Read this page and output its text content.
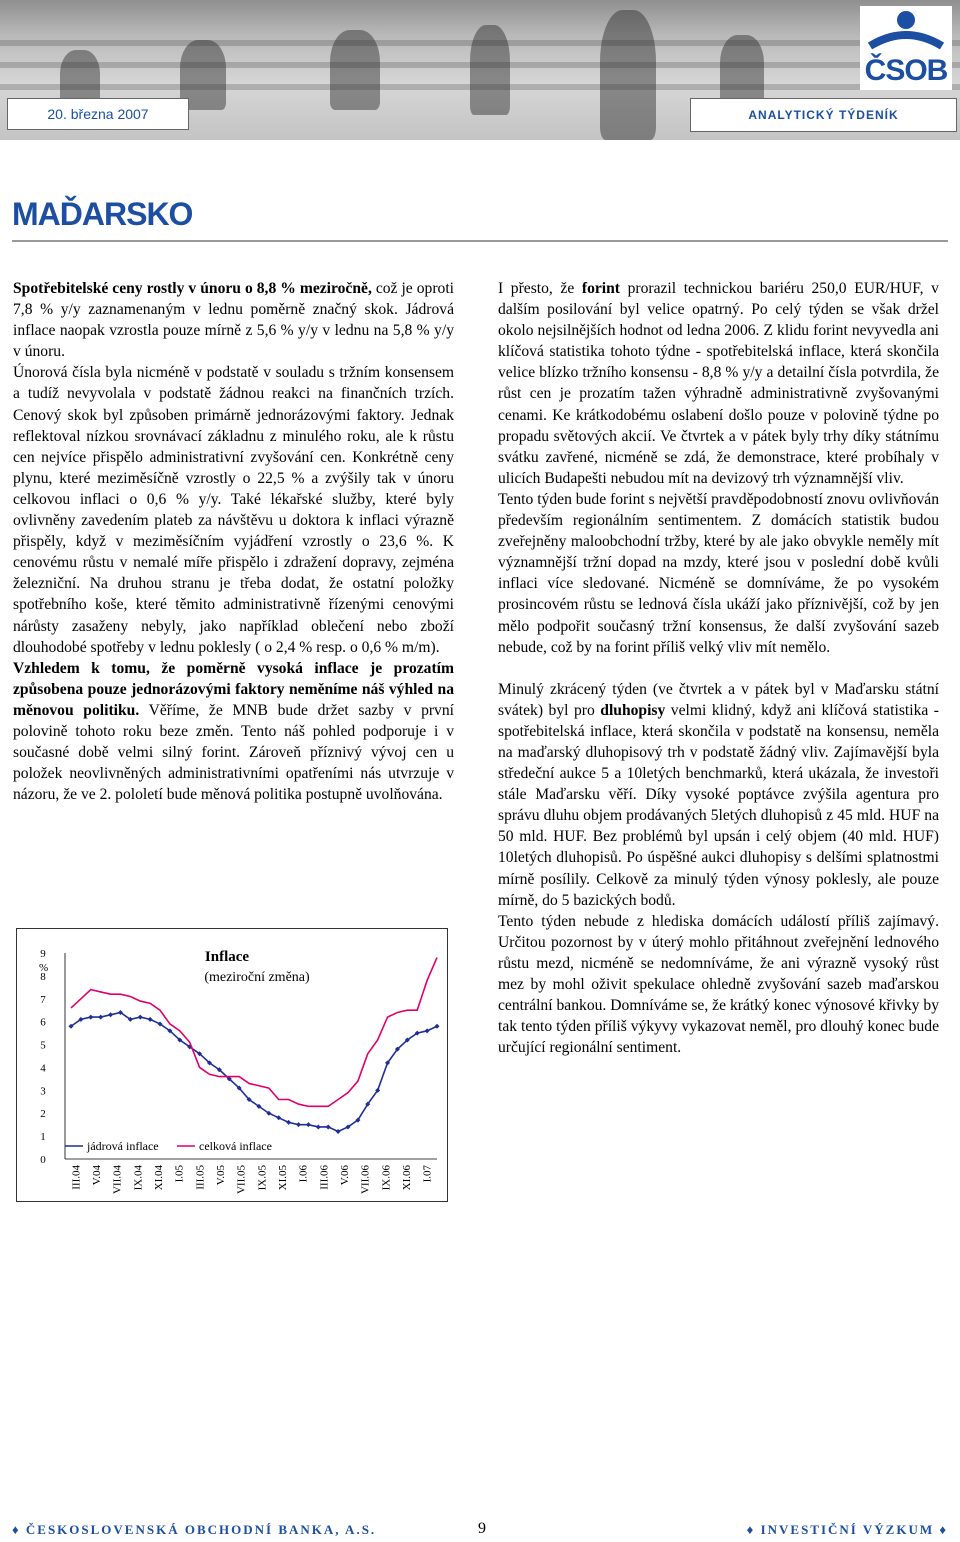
20. března 2007
ČSOB
ANALYTICKÝ TÝDENÍK
MAĎARSKO

Spotřebitelské ceny rostly v únoru o 8,8 % meziročně, což je oproti 7,8 % y/y zaznamenaným v lednu poměrně značný skok. Jádrová inflace naopak vzrostla pouze mírně z 5,6 % y/y v lednu na 5,8 % y/y v únoru.

Únorová čísla byla nicméně v podstatě v souladu s tržním konsensem a tudíž nevyvolala v podstatě žádnou reakci na finančních trzích. Cenový skok byl způsoben primárně jednorázovými faktory. Jednak reflektoval nízkou srovnávací základnu z minulého roku, ale k růstu cen nejvíce přispělo administrativní zvyšování cen. Konkrétně ceny plynu, které meziměsíčně vzrostly o 22,5 % a zvýšily tak v únoru celkovou inflaci o 0,6 % y/y. Také lékařské služby, které byly ovlivněny zavedením plateb za návštěvu u doktora k inflaci výrazně přispěly, když v meziměsíčním vyjádření vzrostly o 23,6 %. K cenovému růstu v nemalé míře přispělo i zdražení dopravy, zejména železniční. Na druhou stranu je třeba dodat, že ostatní položky spotřebního koše, které těmito administrativně řízenými cenovými nárůsty zasaženy nebyly, jako například oblečení nebo zboží dlouhodobé spotřeby v lednu poklesly ( o 2,4 % resp. o 0,6 % m/m).

Vzhledem k tomu, že poměrně vysoká inflace je prozatím způsobena pouze jednorázovými faktory neměníme náš výhled na měnovou politiku. Věříme, že MNB bude držet sazby v první polovině tohoto roku beze změn. Tento náš pohled podporuje i v současné době velmi silný forint. Zároveň příznivý vývoj cen u položek neovlivněných administrativními opatřeními nás utvrzuje v názoru, že ve 2. pololetí bude měnová politika postupně uvolňována.

I přesto, že forint prorazil technickou bariéru 250,0 EUR/HUF, v dalším posilování byl velice opatrný. Po celý týden se však držel okolo nejsilnějších hodnot od ledna 2006. Z klidu forint nevyvedla ani klíčová statistika tohoto týdne - spotřebitelská inflace, která skončila velice blízko tržního konsensu - 8,8 % y/y a detailní čísla potvrdila, že růst cen je prozatím tažen výhradně administrativně zvyšovanými cenami. Ke krátkodobému oslabení došlo pouze v polovině týdne po propadu světových akcií. Ve čtvrtek a v pátek byly trhy díky státnímu svátku zavřené, nicméně se zdá, že demonstrace, které probíhaly v ulicích Budapešti nebudou mít na devizový trh významnější vliv.

Tento týden bude forint s největší pravděpodobností znovu ovlivňován především regionálním sentimentem. Z domácích statistik budou zveřejněny maloobchodní tržby, které by ale jako obvykle neměly mít významnější tržní dopad na mzdy, které jsou v poslední době kvůli inflaci více sledované. Nicméně se domníváme, že po vysokém prosincovém růstu se lednová čísla ukáží jako příznivější, což by jen mělo podpořit současný tržní konsensus, že další zvyšování sazeb nebude, což by na forint příliš velký vliv mít nemělo.

Minulý zkrácený týden (ve čtvrtek a v pátek byl v Maďarsku státní svátek) byl pro dluhopisy velmi klidný, když ani klíčová statistika - spotřebitelská inflace, která skončila v podstatě na konsensu, neměla na maďarský dluhopisový trh v podstatě žádný vliv. Zajímavější byla středeční aukce 5 a 10letých benchmarků, která ukázala, že investoři stále Maďarsku věří. Díky vysoké poptávce zvýšila agentura pro správu dluhu objem prodávaných 5letých dluhopisů z 45 mld. HUF na 50 mld. HUF. Bez problémů byl upsán i celý objem (40 mld. HUF) 10letých dluhopisů. Po úspěšné aukci dluhopisy s delšími splatnostmi mírně posílily. Celkově za minulý týden výnosy poklesly, ale pouze mírně, do 5 bazických bodů.

Tento týden nebude z hlediska domácích událostí příliš zajímavý. Určitou pozornost by v úterý mohlo přitáhnout zveřejnění lednového růstu mezd, nicméně se nedomníváme, že ani výrazně vysoký růst mez by mohl oživit spekulace ohledně zvyšování sazeb maďarskou centrální bankou. Domníváme se, že krátký konec výnosové křivky by tak tento týden příliš výkyvy vykazovat neměl, pro dlouhý konec bude určující regionální sentiment.

Inflace
(meziroční změna)
%
0
1
2
3
4
5
6
7
8
9
III.04 V.04 VII.04 IX.04 XI.04 I.05 III.05 V.05 VII.05 IX.05 XI.05 I.06 III.06 V.06 VII.06 IX.06 XI.06 I.07
jádrová inflace	celková inflace
♦ ČESKOSLOVENSKÁ OBCHODNÍ BANKA, A.S.	9	♦ INVESTIČNÍ VÝZKUM ♦
